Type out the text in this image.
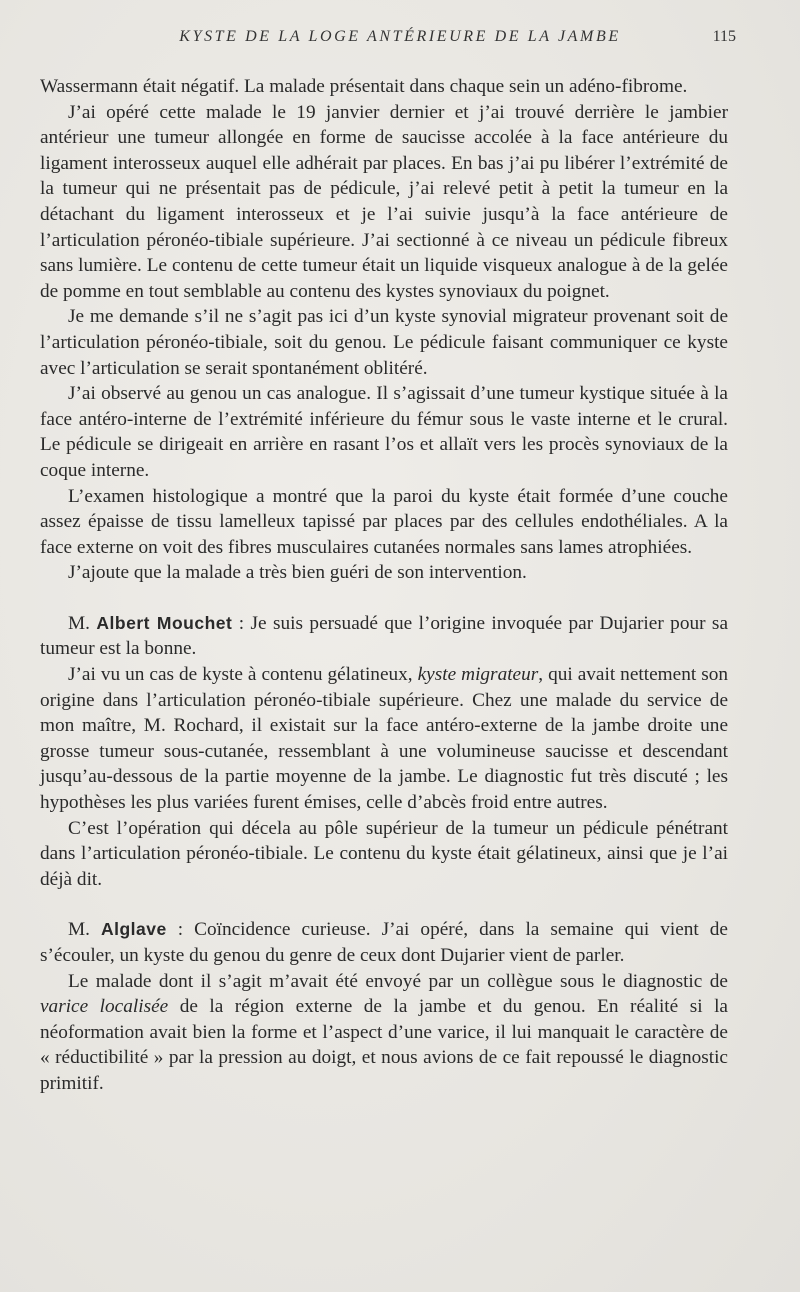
KYSTE DE LA LOGE ANTÉRIEURE DE LA JAMBE	115

Wassermann était négatif. La malade présentait dans chaque sein un adéno-fibrome.

J’ai opéré cette malade le 19 janvier dernier et j’ai trouvé derrière le jambier antérieur une tumeur allongée en forme de saucisse accolée à la face antérieure du ligament interosseux auquel elle adhérait par places. En bas j’ai pu libérer l’extrémité de la tumeur qui ne présentait pas de pédicule, j’ai relevé petit à petit la tumeur en la détachant du ligament interosseux et je l’ai suivie jusqu’à la face antérieure de l’articulation péronéo-tibiale supérieure. J’ai sectionné à ce niveau un pédicule fibreux sans lumière. Le contenu de cette tumeur était un liquide visqueux analogue à de la gelée de pomme en tout semblable au contenu des kystes synoviaux du poignet.

Je me demande s’il ne s’agit pas ici d’un kyste synovial migrateur provenant soit de l’articulation péronéo-tibiale, soit du genou. Le pédicule faisant communiquer ce kyste avec l’articulation se serait spontanément oblitéré.

J’ai observé au genou un cas analogue. Il s’agissait d’une tumeur kystique située à la face antéro-interne de l’extrémité inférieure du fémur sous le vaste interne et le crural. Le pédicule se dirigeait en arrière en rasant l’os et allaït vers les procès synoviaux de la coque interne.

L’examen histologique a montré que la paroi du kyste était formée d’une couche assez épaisse de tissu lamelleux tapissé par places par des cellules endothéliales. A la face externe on voit des fibres musculaires cutanées normales sans lames atrophiées.

J’ajoute que la malade a très bien guéri de son intervention.

M. Albert Mouchet : Je suis persuadé que l’origine invoquée par Dujarier pour sa tumeur est la bonne.

J’ai vu un cas de kyste à contenu gélatineux, kyste migrateur, qui avait nettement son origine dans l’articulation péronéo-tibiale supérieure. Chez une malade du service de mon maître, M. Rochard, il existait sur la face antéro-externe de la jambe droite une grosse tumeur sous-cutanée, ressemblant à une volumineuse saucisse et descendant jusqu’au-dessous de la partie moyenne de la jambe. Le diagnostic fut très discuté ; les hypothèses les plus variées furent émises, celle d’abcès froid entre autres.

C’est l’opération qui décela au pôle supérieur de la tumeur un pédicule pénétrant dans l’articulation péronéo-tibiale. Le contenu du kyste était gélatineux, ainsi que je l’ai déjà dit.

M. Alglave : Coïncidence curieuse. J’ai opéré, dans la semaine qui vient de s’écouler, un kyste du genou du genre de ceux dont Dujarier vient de parler.

Le malade dont il s’agit m’avait été envoyé par un collègue sous le diagnostic de varice localisée de la région externe de la jambe et du genou. En réalité si la néoformation avait bien la forme et l’aspect d’une varice, il lui manquait le caractère de « réductibilité » par la pression au doigt, et nous avions de ce fait repoussé le diagnostic primitif.
